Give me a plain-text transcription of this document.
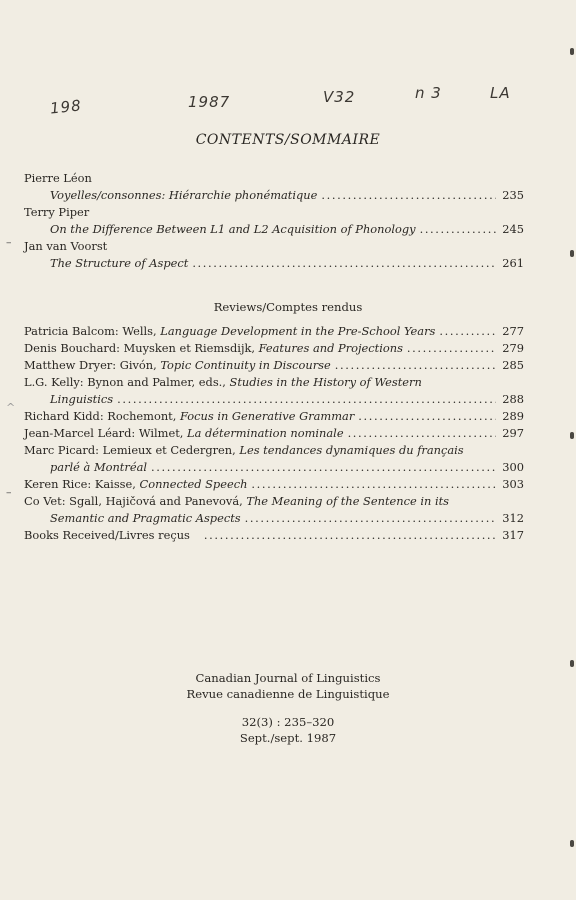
198	1987	V32	n 3	LA
CONTENTS/SOMMAIRE
Pierre Léon
Voyelles/consonnes: Hiérarchie phonématique . . .	235
Terry Piper
On the Difference Between L1 and L2 Acquisition of Phonology . . .	245
Jan van Voorst
The Structure of Aspect . . .	261
–
Reviews/Comptes rendus
Patricia Balcom: Wells,
Language Development in the Pre-School Years . . .	277
Denis Bouchard: Muysken et Riemsdijk,
Features and Projections . . .	279
Matthew Dryer: Givón,
Topic Continuity in Discourse . . .	285
L.G. Kelly: Bynon and Palmer, eds.,
Studies in the History of Western
Linguistics . . .	288
Richard Kidd: Rochemont,
Focus in Generative Grammar . . .	289
Jean-Marcel Léard: Wilmet,
La détermination nominale . . .	297
Marc Picard: Lemieux et Cedergren,
Les tendances dynamiques du français
parlé à Montréal . . .	300
Keren Rice: Kaisse,
Connected Speech . . .	303
Co Vet: Sgall, Hajičová and Panevová,
The Meaning of the Sentence in its
Semantic and Pragmatic Aspects . . .	312
^
–
Books Received/Livres reçus . . .	317
Canadian Journal of Linguistics
Revue canadienne de Linguistique
32(3) : 235–320
Sept./sept. 1987
